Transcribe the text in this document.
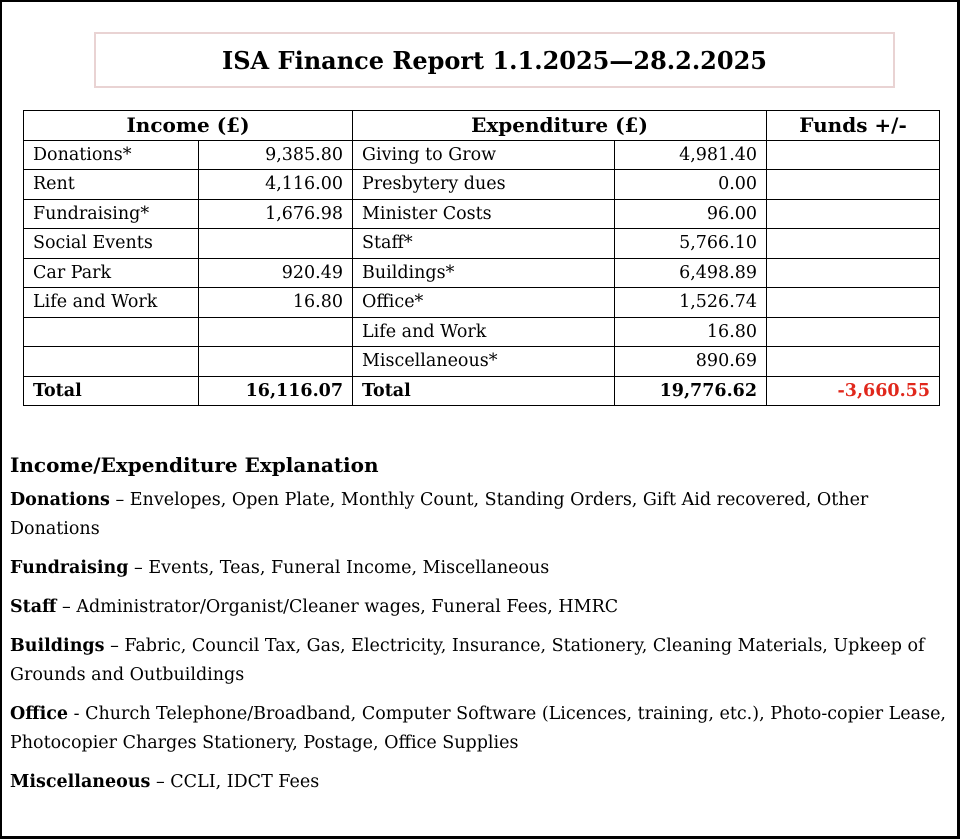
ISA Finance Report 1.1.2025—28.2.2025
Income (£)		Expenditure (£)		Funds +/-
Donations*	9,385.80	Giving to Grow	4,981.40	
Rent	4,116.00	Presbytery dues	0.00	
Fundraising*	1,676.98	Minister Costs	96.00	
Social Events		Staff*	5,766.10	
Car Park	920.49	Buildings*	6,498.89	
Life and Work	16.80	Office*	1,526.74	
		Life and Work	16.80	
		Miscellaneous*	890.69	
Total	16,116.07	Total	19,776.62	-3,660.55
Income/Expenditure Explanation

Donations – Envelopes, Open Plate, Monthly Count, Standing Orders, Gift Aid recovered, Other Donations

Fundraising – Events, Teas, Funeral Income, Miscellaneous

Staff – Administrator/Organist/Cleaner wages, Funeral Fees, HMRC

Buildings – Fabric, Council Tax, Gas, Electricity, Insurance, Stationery, Cleaning Materials, Upkeep of Grounds and Outbuildings

Office - Church Telephone/Broadband, Computer Software (Licences, training, etc.), Photo-copier Lease, Photocopier Charges Stationery, Postage, Office Supplies

Miscellaneous – CCLI, IDCT Fees
